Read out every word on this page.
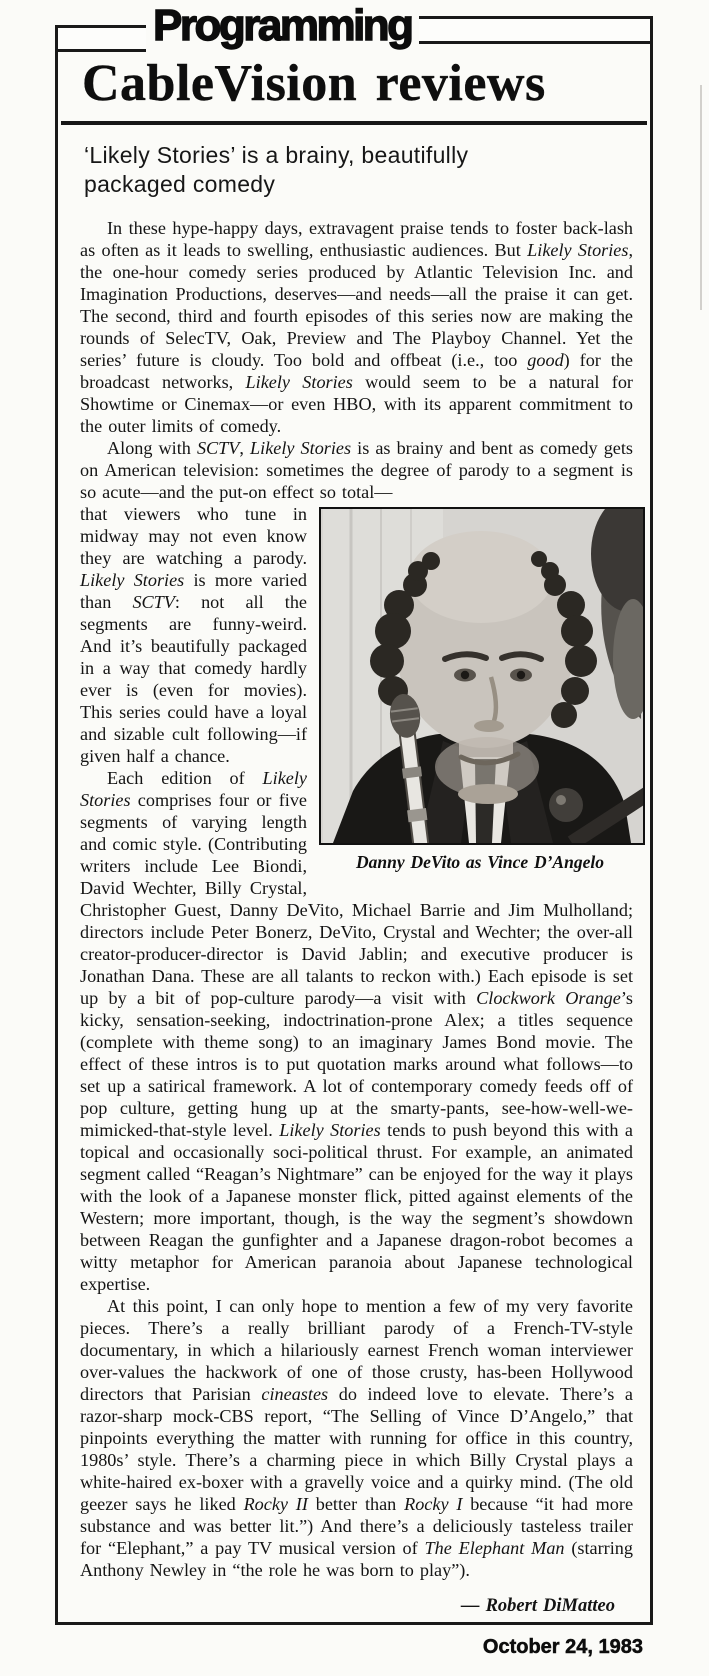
Programming
CableVision reviews
‘Likely Stories’ is a brainy, beautifully packaged comedy
In these hype-happy days, extravagent praise tends to foster back-lash as often as it leads to swelling, enthusiastic audiences. But Likely Stories, the one-hour comedy series produced by Atlantic Television Inc. and Imagination Productions, deserves—and needs—all the praise it can get. The second, third and fourth episodes of this series now are making the rounds of SelecTV, Oak, Preview and The Playboy Channel. Yet the series’ future is cloudy. Too bold and offbeat (i.e., too good) for the broadcast networks, Likely Stories would seem to be a natural for Showtime or Cinemax—or even HBO, with its apparent commitment to the outer limits of comedy.
Along with SCTV, Likely Stories is as brainy and bent as comedy gets on American television: sometimes the degree of parody to a segment is so acute—and the put-on effect so total—
Danny DeVito as Vince D’Angelo
that viewers who tune in midway may not even know they are watching a parody. Likely Stories is more varied than SCTV: not all the segments are funny-weird. And it’s beautifully packaged in a way that comedy hardly ever is (even for movies). This series could have a loyal and sizable cult following—if given half a chance.
Each edition of Likely Stories comprises four or five segments of varying length and comic style. (Contributing writers include Lee Biondi, David Wechter, Billy Crystal, Christopher Guest, Danny DeVito, Michael Barrie and Jim Mulholland; directors include Peter Bonerz, DeVito, Crystal and Wechter; the over-all creator-producer-director is David Jablin; and executive producer is Jonathan Dana. These are all talants to reckon with.) Each episode is set up by a bit of pop-culture parody—a visit with Clockwork Orange’s kicky, sensation-seeking, indoctrination-prone Alex; a titles sequence (complete with theme song) to an imaginary James Bond movie. The effect of these intros is to put quotation marks around what follows—to set up a satirical framework. A lot of contemporary comedy feeds off of pop culture, getting hung up at the smarty-pants, see-how-well-we-mimicked-that-style level. Likely Stories tends to push beyond this with a topical and occasionally soci-political thrust. For example, an animated segment called “Reagan’s Nightmare” can be enjoyed for the way it plays with the look of a Japanese monster flick, pitted against elements of the Western; more important, though, is the way the segment’s showdown between Reagan the gunfighter and a Japanese dragon-robot becomes a witty metaphor for American paranoia about Japanese technological expertise.
At this point, I can only hope to mention a few of my very favorite pieces. There’s a really brilliant parody of a French-TV-style documentary, in which a hilariously earnest French woman interviewer over-values the hackwork of one of those crusty, has-been Hollywood directors that Parisian cineastes do indeed love to elevate. There’s a razor-sharp mock-CBS report, “The Selling of Vince D’Angelo,” that pinpoints everything the matter with running for office in this country, 1980s’ style. There’s a charming piece in which Billy Crystal plays a white-haired ex-boxer with a gravelly voice and a quirky mind. (The old geezer says he liked Rocky II better than Rocky I because “it had more substance and was better lit.”) And there’s a deliciously tasteless trailer for “Elephant,” a pay TV musical version of The Elephant Man (starring Anthony Newley in “the role he was born to play”).
— Robert DiMatteo
October 24, 1983
